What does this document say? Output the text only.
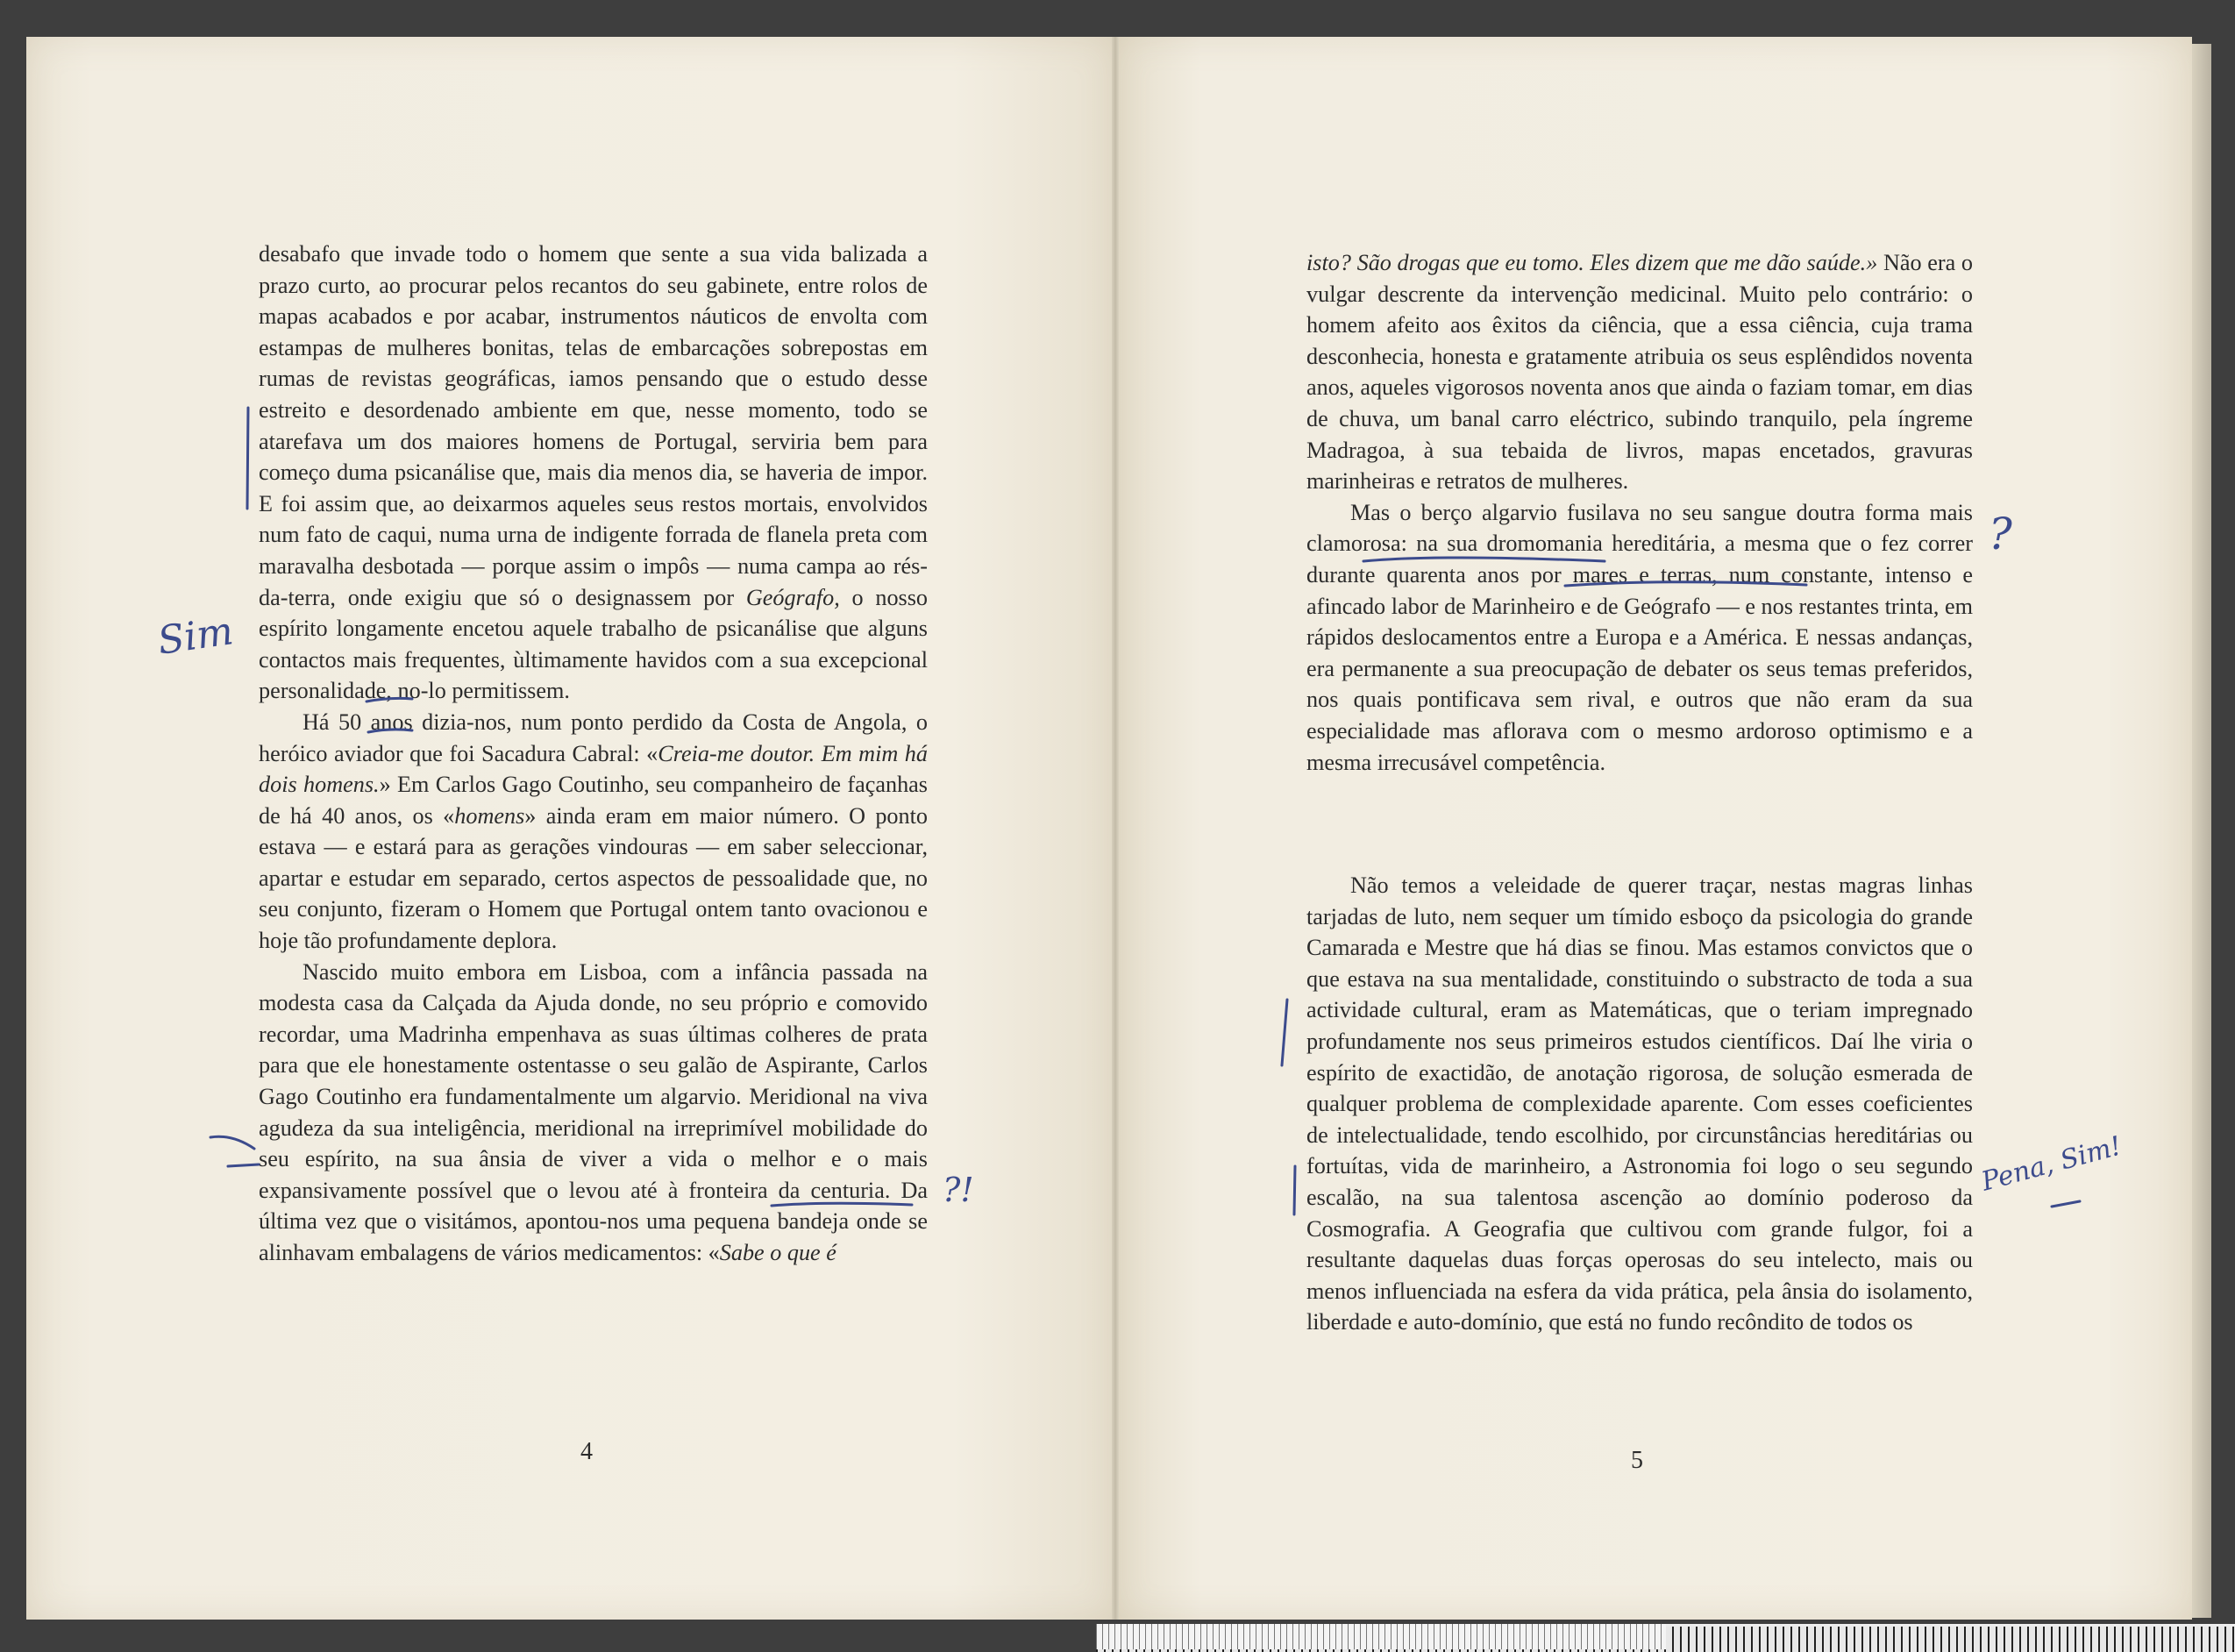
desabafo que invade todo o homem que sente a sua vida balizada a prazo curto, ao procurar pelos recantos do seu gabinete, entre rolos de mapas acabados e por acabar, instrumentos náuticos de envolta com estampas de mulheres bonitas, telas de embarcações sobrepostas em rumas de revistas geográficas, iamos pensando que o estudo desse estreito e desordenado ambiente em que, nesse momento, todo se atarefava um dos maiores homens de Portugal, serviria bem para começo duma psicanálise que, mais dia menos dia, se haveria de impor. E foi assim que, ao deixarmos aqueles seus restos mortais, envolvidos num fato de caqui, numa urna de indigente forrada de flanela preta com maravalha desbotada — porque assim o impôs — numa campa ao rés-da-terra, onde exigiu que só o designassem por Geógrafo, o nosso espírito longamente encetou aquele trabalho de psicanálise que alguns contactos mais frequentes, ùltimamente havidos com a sua excepcional personalidade, no-lo permitissem.

Há 50 anos dizia-nos, num ponto perdido da Costa de Angola, o heróico aviador que foi Sacadura Cabral: «Creia-me doutor. Em mim há dois homens.» Em Carlos Gago Coutinho, seu companheiro de façanhas de há 40 anos, os «homens» ainda eram em maior número. O ponto estava — e estará para as gerações vindouras — em saber seleccionar, apartar e estudar em separado, certos aspectos de pessoalidade que, no seu conjunto, fizeram o Homem que Portugal ontem tanto ovacionou e hoje tão profundamente deplora.

Nascido muito embora em Lisboa, com a infância passada na modesta casa da Calçada da Ajuda donde, no seu próprio e comovido recordar, uma Madrinha empenhava as suas últimas colheres de prata para que ele honestamente ostentasse o seu galão de Aspirante, Carlos Gago Coutinho era fundamentalmente um algarvio. Meridional na viva agudeza da sua inteligência, meridional na irreprimível mobilidade do seu espírito, na sua ânsia de viver a vida o melhor e o mais expansivamente possível que o levou até à fronteira da centuria. Da última vez que o visitámos, apontou-nos uma pequena bandeja onde se alinhavam embalagens de vários medicamentos: «Sabe o que é

isto? São drogas que eu tomo. Eles dizem que me dão saúde.» Não era o vulgar descrente da intervenção medicinal. Muito pelo contrário: o homem afeito aos êxitos da ciência, que a essa ciência, cuja trama desconhecia, honesta e gratamente atribuia os seus esplêndidos noventa anos, aqueles vigorosos noventa anos que ainda o faziam tomar, em dias de chuva, um banal carro eléctrico, subindo tranquilo, pela íngreme Madragoa, à sua tebaida de livros, mapas encetados, gravuras marinheiras e retratos de mulheres.

Mas o berço algarvio fusilava no seu sangue doutra forma mais clamorosa: na sua dromomania hereditária, a mesma que o fez correr durante quarenta anos por mares e terras, num constante, intenso e afincado labor de Marinheiro e de Geógrafo — e nos restantes trinta, em rápidos deslocamentos entre a Europa e a América. E nessas andanças, era permanente a sua preocupação de debater os seus temas preferidos, nos quais pontificava sem rival, e outros que não eram da sua especialidade mas aflorava com o mesmo ardoroso optimismo e a mesma irrecusável competência.

Não temos a veleidade de querer traçar, nestas magras linhas tarjadas de luto, nem sequer um tímido esboço da psicologia do grande Camarada e Mestre que há dias se finou. Mas estamos convictos que o que estava na sua mentalidade, constituindo o substracto de toda a sua actividade cultural, eram as Matemáticas, que o teriam impregnado profundamente nos seus primeiros estudos científicos. Daí lhe viria o espírito de exactidão, de anotação rigorosa, de solução esmerada de qualquer problema de complexidade aparente. Com esses coeficientes de intelectualidade, tendo escolhido, por circunstâncias hereditárias ou fortuítas, vida de marinheiro, a Astronomia foi logo o seu segundo escalão, na sua talentosa ascenção ao domínio poderoso da Cosmografia. A Geografia que cultivou com grande fulgor, foi a resultante daquelas duas forças operosas do seu intelecto, mais ou menos influenciada na esfera da vida prática, pela ânsia do isolamento, liberdade e auto-domínio, que está no fundo recôndito de todos os

4	5
Sim
?!
?
Pena, Sim!
